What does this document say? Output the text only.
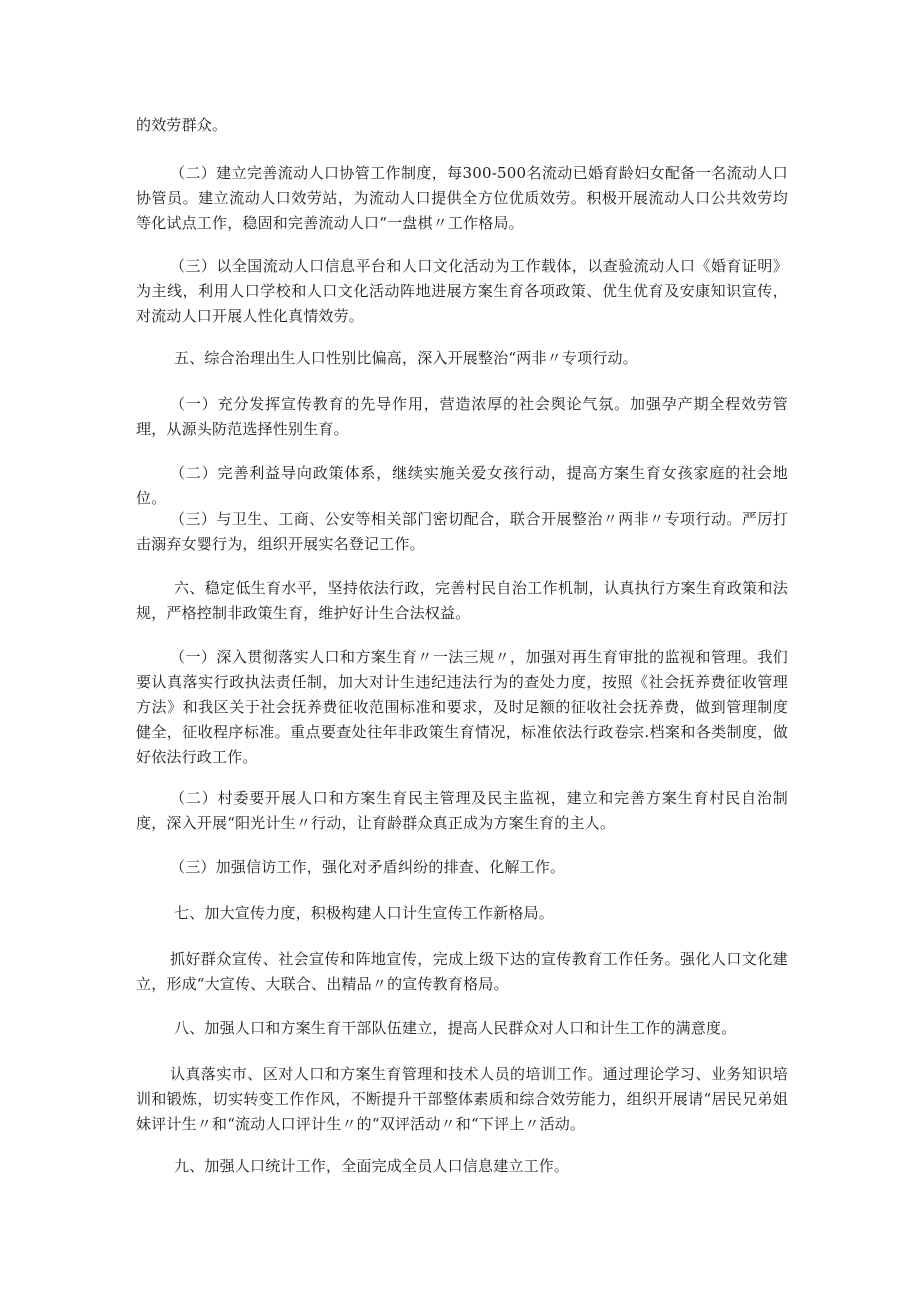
的效劳群众。

（二）建立完善流动人口协管工作制度，每300-500名流动已婚育龄妇女配备一名流动人口协管员。建立流动人口效劳站，为流动人口提供全方位优质效劳。积极开展流动人口公共效劳均等化试点工作，稳固和完善流动人口“一盘棋〃工作格局。

（三）以全国流动人口信息平台和人口文化活动为工作载体，以查验流动人口《婚育证明》为主线，利用人口学校和人口文化活动阵地进展方案生育各项政策、优生优育及安康知识宣传，对流动人口开展人性化真情效劳。

五、综合治理出生人口性别比偏高，深入开展整治“两非〃专项行动。

（一）充分发挥宣传教育的先导作用，营造浓厚的社会舆论气氛。加强孕产期全程效劳管理，从源头防范选择性别生育。

（二）完善利益导向政策体系，继续实施关爱女孩行动，提高方案生育女孩家庭的社会地位。

（三）与卫生、工商、公安等相关部门密切配合，联合开展整治〃两非〃专项行动。严厉打击溺弃女婴行为，组织开展实名登记工作。

六、稳定低生育水平，坚持依法行政，完善村民自治工作机制，认真执行方案生育政策和法规，严格控制非政策生育，维护好计生合法权益。

（一）深入贯彻落实人口和方案生育〃一法三规〃，加强对再生育审批的监视和管理。我们要认真落实行政执法责任制，加大对计生违纪违法行为的查处力度，按照《社会抚养费征收管理方法》和我区关于社会抚养费征收范围标准和要求，及时足额的征收社会抚养费，做到管理制度健全，征收程序标准。重点要查处往年非政策生育情况，标准依法行政卷宗.档案和各类制度，做好依法行政工作。

（二）村委要开展人口和方案生育民主管理及民主监视，建立和完善方案生育村民自治制度，深入开展“阳光计生〃行动，让育龄群众真正成为方案生育的主人。

（三）加强信访工作，强化对矛盾纠纷的排查、化解工作。

七、加大宣传力度，积极构建人口计生宣传工作新格局。

抓好群众宣传、社会宣传和阵地宣传，完成上级下达的宣传教育工作任务。强化人口文化建立，形成“大宣传、大联合、出精品〃的宣传教育格局。

八、加强人口和方案生育干部队伍建立，提高人民群众对人口和计生工作的满意度。

认真落实市、区对人口和方案生育管理和技术人员的培训工作。通过理论学习、业务知识培训和锻炼，切实转变工作作风，不断提升干部整体素质和综合效劳能力，组织开展请“居民兄弟姐妹评计生〃和“流动人口评计生〃的“双评活动〃和“下评上〃活动。

九、加强人口统计工作，全面完成全员人口信息建立工作。
